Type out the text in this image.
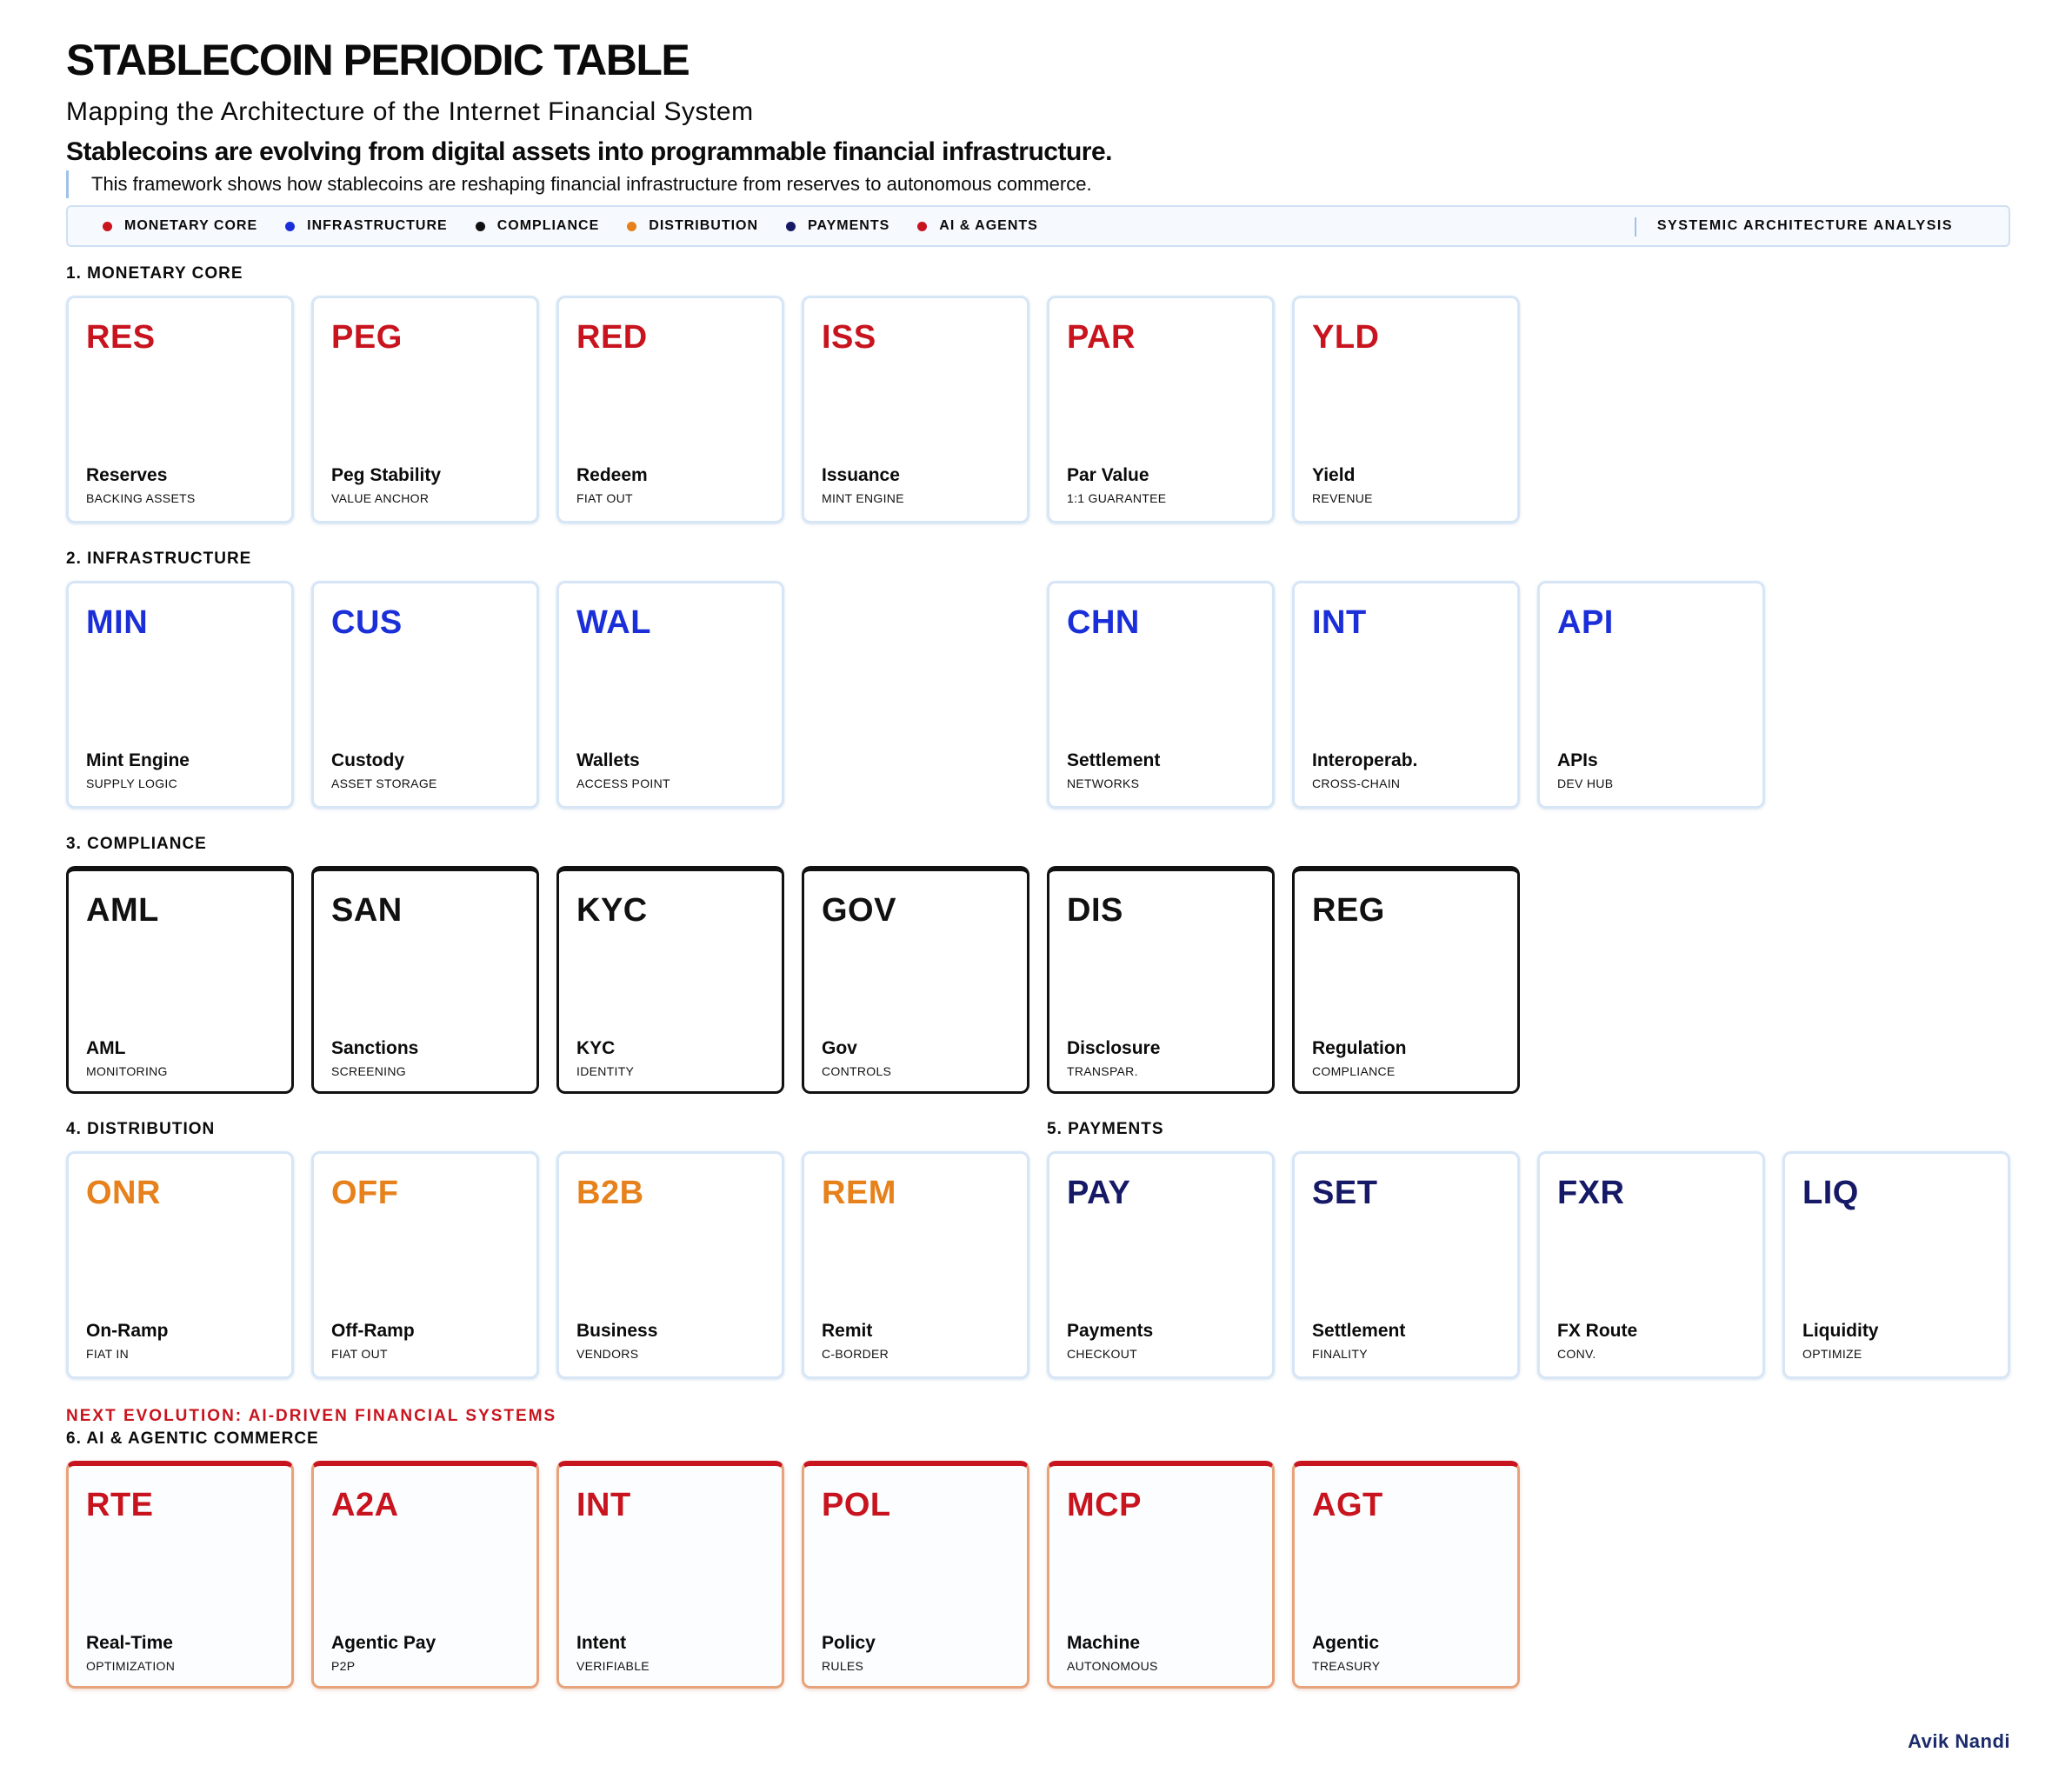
STABLECOIN PERIODIC TABLE
Mapping the Architecture of the Internet Financial System
Stablecoins are evolving from digital assets into programmable financial infrastructure.
This framework shows how stablecoins are reshaping financial infrastructure from reserves to autonomous commerce.
MONETARY CORE	INFRASTRUCTURE	COMPLIANCE	DISTRIBUTION	PAYMENTS	AI & AGENTS	SYSTEMIC ARCHITECTURE ANALYSIS
1. MONETARY CORE
2. INFRASTRUCTURE
3. COMPLIANCE
4. DISTRIBUTION	5. PAYMENTS
NEXT EVOLUTION: AI-DRIVEN FINANCIAL SYSTEMS
6. AI & AGENTIC COMMERCE
RES
Reserves
BACKING ASSETS
PEG
Peg Stability
VALUE ANCHOR
RED
Redeem
FIAT OUT
ISS
Issuance
MINT ENGINE
PAR
Par Value
1:1 GUARANTEE
YLD
Yield
REVENUE
MIN
Mint Engine
SUPPLY LOGIC
CUS
Custody
ASSET STORAGE
WAL
Wallets
ACCESS POINT
CHN
Settlement
NETWORKS
INT
Interoperab.
CROSS-CHAIN
API
APIs
DEV HUB
AML
AML
MONITORING
SAN
Sanctions
SCREENING
KYC
KYC
IDENTITY
GOV
Gov
CONTROLS
DIS
Disclosure
TRANSPAR.
REG
Regulation
COMPLIANCE
ONR
On-Ramp
FIAT IN
OFF
Off-Ramp
FIAT OUT
B2B
Business
VENDORS
REM
Remit
C-BORDER
PAY
Payments
CHECKOUT
SET
Settlement
FINALITY
FXR
FX Route
CONV.
LIQ
Liquidity
OPTIMIZE
RTE
Real-Time
OPTIMIZATION
A2A
Agentic Pay
P2P
INT
Intent
VERIFIABLE
POL
Policy
RULES
MCP
Machine
AUTONOMOUS
AGT
Agentic
TREASURY
Avik Nandi
